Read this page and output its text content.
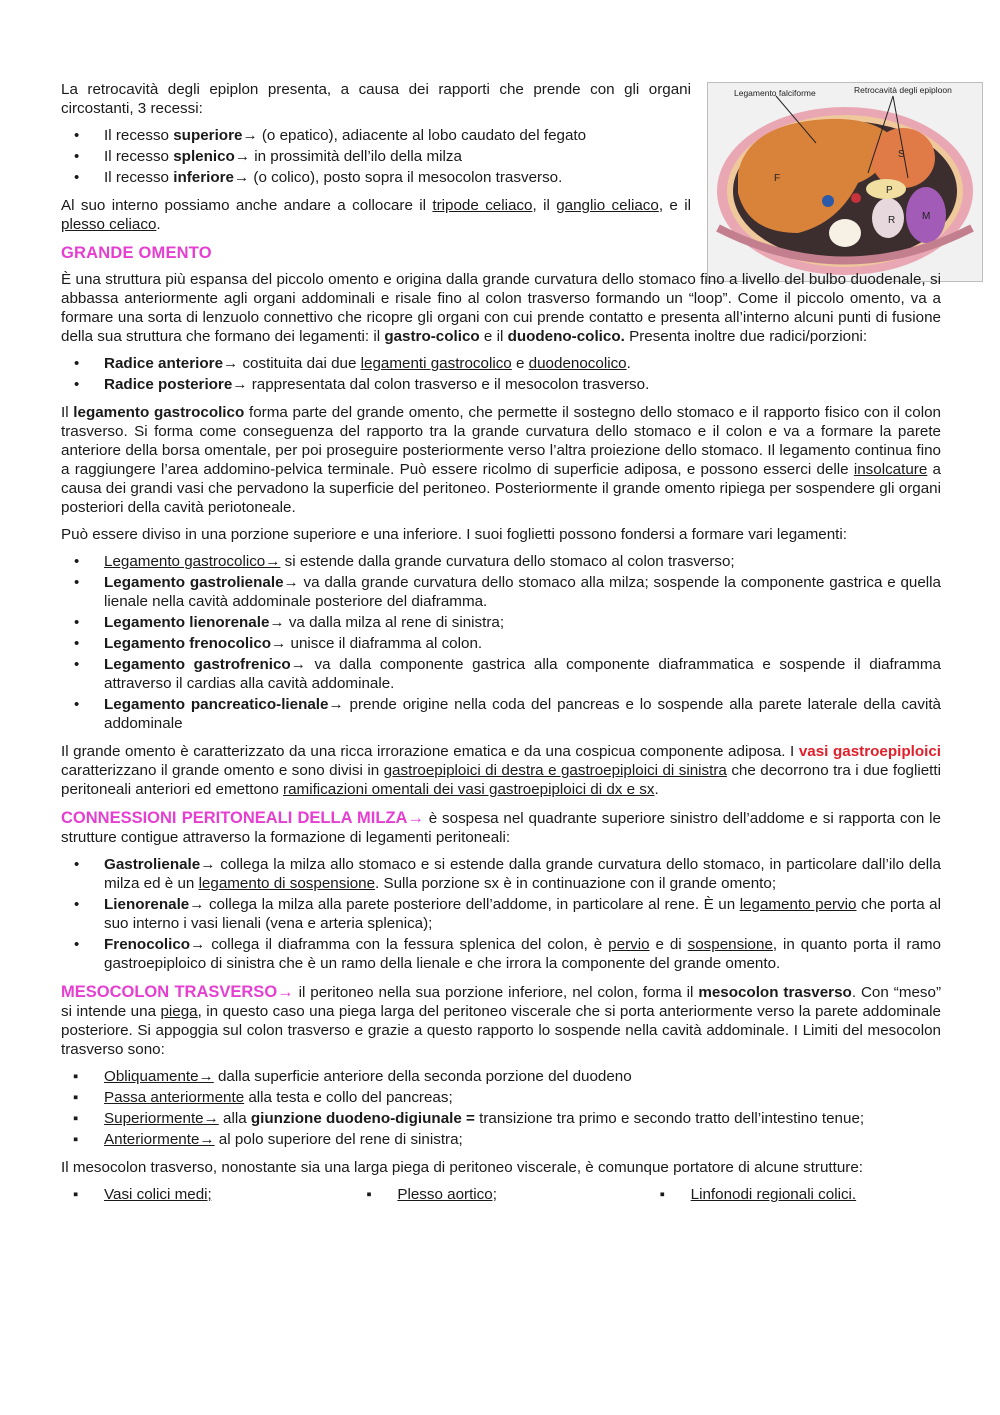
Legamento falciforme	Retrocavità degli epiploon
F
S
P
R	M

La retrocavità degli epiplon presenta, a causa dei rapporti che prende con gli organi circostanti, 3 recessi:

• Il recesso superiore→ (o epatico), adiacente al lobo caudato del fegato
• Il recesso splenico→ in prossimità dell’ilo della milza
• Il recesso inferiore→ (o colico), posto sopra il mesocolon trasverso.

Al suo interno possiamo anche andare a collocare il tripode celiaco, il ganglio celiaco, e il plesso celiaco.

GRANDE OMENTO

È una struttura più espansa del piccolo omento e origina dalla grande curvatura dello stomaco fino a livello del bulbo duodenale, si abbassa anteriormente agli organi addominali e risale fino al colon trasverso formando un “loop”. Come il piccolo omento, va a formare una sorta di lenzuolo connettivo che ricopre gli organi con cui prende contatto e presenta all’interno alcuni punti di fusione della sua struttura che formano dei legamenti: il gastro-colico e il duodeno-colico. Presenta inoltre due radici/porzioni:

• Radice anteriore→ costituita dai due legamenti gastrocolico e duodenocolico.
• Radice posteriore→ rappresentata dal colon trasverso e il mesocolon trasverso.

Il legamento gastrocolico forma parte del grande omento, che permette il sostegno dello stomaco e il rapporto fisico con il colon trasverso. Si forma come conseguenza del rapporto tra la grande curvatura dello stomaco e il colon e va a formare la parete anteriore della borsa omentale, per poi proseguire posteriormente verso l’altra proiezione dello stomaco. Il legamento continua fino a raggiungere l’area addomino-pelvica terminale. Può essere ricolmo di superficie adiposa, e possono esserci delle insolcature a causa dei grandi vasi che pervadono la superficie del peritoneo. Posteriormente il grande omento ripiega per sospendere gli organi posteriori della cavità periotoneale.

Può essere diviso in una porzione superiore e una inferiore. I suoi foglietti possono fondersi a formare vari legamenti:

• Legamento gastrocolico→ si estende dalla grande curvatura dello stomaco al colon trasverso;
• Legamento gastrolienale→ va dalla grande curvatura dello stomaco alla milza; sospende la componente gastrica e quella lienale nella cavità addominale posteriore del diaframma.
• Legamento lienorenale→ va dalla milza al rene di sinistra;
• Legamento frenocolico→ unisce il diaframma al colon.
• Legamento gastrofrenico→ va dalla componente gastrica alla componente diaframmatica e sospende il diaframma attraverso il cardias alla cavità addominale.
• Legamento pancreatico-lienale→ prende origine nella coda del pancreas e lo sospende alla parete laterale della cavità addominale

Il grande omento è caratterizzato da una ricca irrorazione ematica e da una cospicua componente adiposa. I vasi gastroepiploici caratterizzano il grande omento e sono divisi in gastroepiploici di destra e gastroepiploici di sinistra che decorrono tra i due foglietti peritoneali anteriori ed emettono ramificazioni omentali dei vasi gastroepiploici di dx e sx.

CONNESSIONI PERITONEALI DELLA MILZA→ è sospesa nel quadrante superiore sinistro dell’addome e si rapporta con le strutture contigue attraverso la formazione di legamenti peritoneali:

• Gastrolienale→ collega la milza allo stomaco e si estende dalla grande curvatura dello stomaco, in particolare dall’ilo della milza ed è un legamento di sospensione. Sulla porzione sx è in continuazione con il grande omento;
• Lienorenale→ collega la milza alla parete posteriore dell’addome, in particolare al rene. È un legamento pervio che porta al suo interno i vasi lienali (vena e arteria splenica);
• Frenocolico→ collega il diaframma con la fessura splenica del colon, è pervio e di sospensione, in quanto porta il ramo gastroepiploico di sinistra che è un ramo della lienale e che irrora la componente del grande omento.

MESOCOLON TRASVERSO→ il peritoneo nella sua porzione inferiore, nel colon, forma il mesocolon trasverso. Con “meso” si intende una piega, in questo caso una piega larga del peritoneo viscerale che si porta anteriormente verso la parete addominale posteriore. Si appoggia sul colon trasverso e grazie a questo rapporto lo sospende nella cavità addominale. I Limiti del mesocolon trasverso sono:

▪ Obliquamente→ dalla superficie anteriore della seconda porzione del duodeno
▪ Passa anteriormente alla testa e collo del pancreas;
▪ Superiormente→ alla giunzione duodeno-digiunale = transizione tra primo e secondo tratto dell’intestino tenue;
▪ Anteriormente→ al polo superiore del rene di sinistra;

Il mesocolon trasverso, nonostante sia una larga piega di peritoneo viscerale, è comunque portatore di alcune strutture:

▪ Vasi colici medi;	▪ Plesso aortico;	▪ Linfonodi regionali colici.
